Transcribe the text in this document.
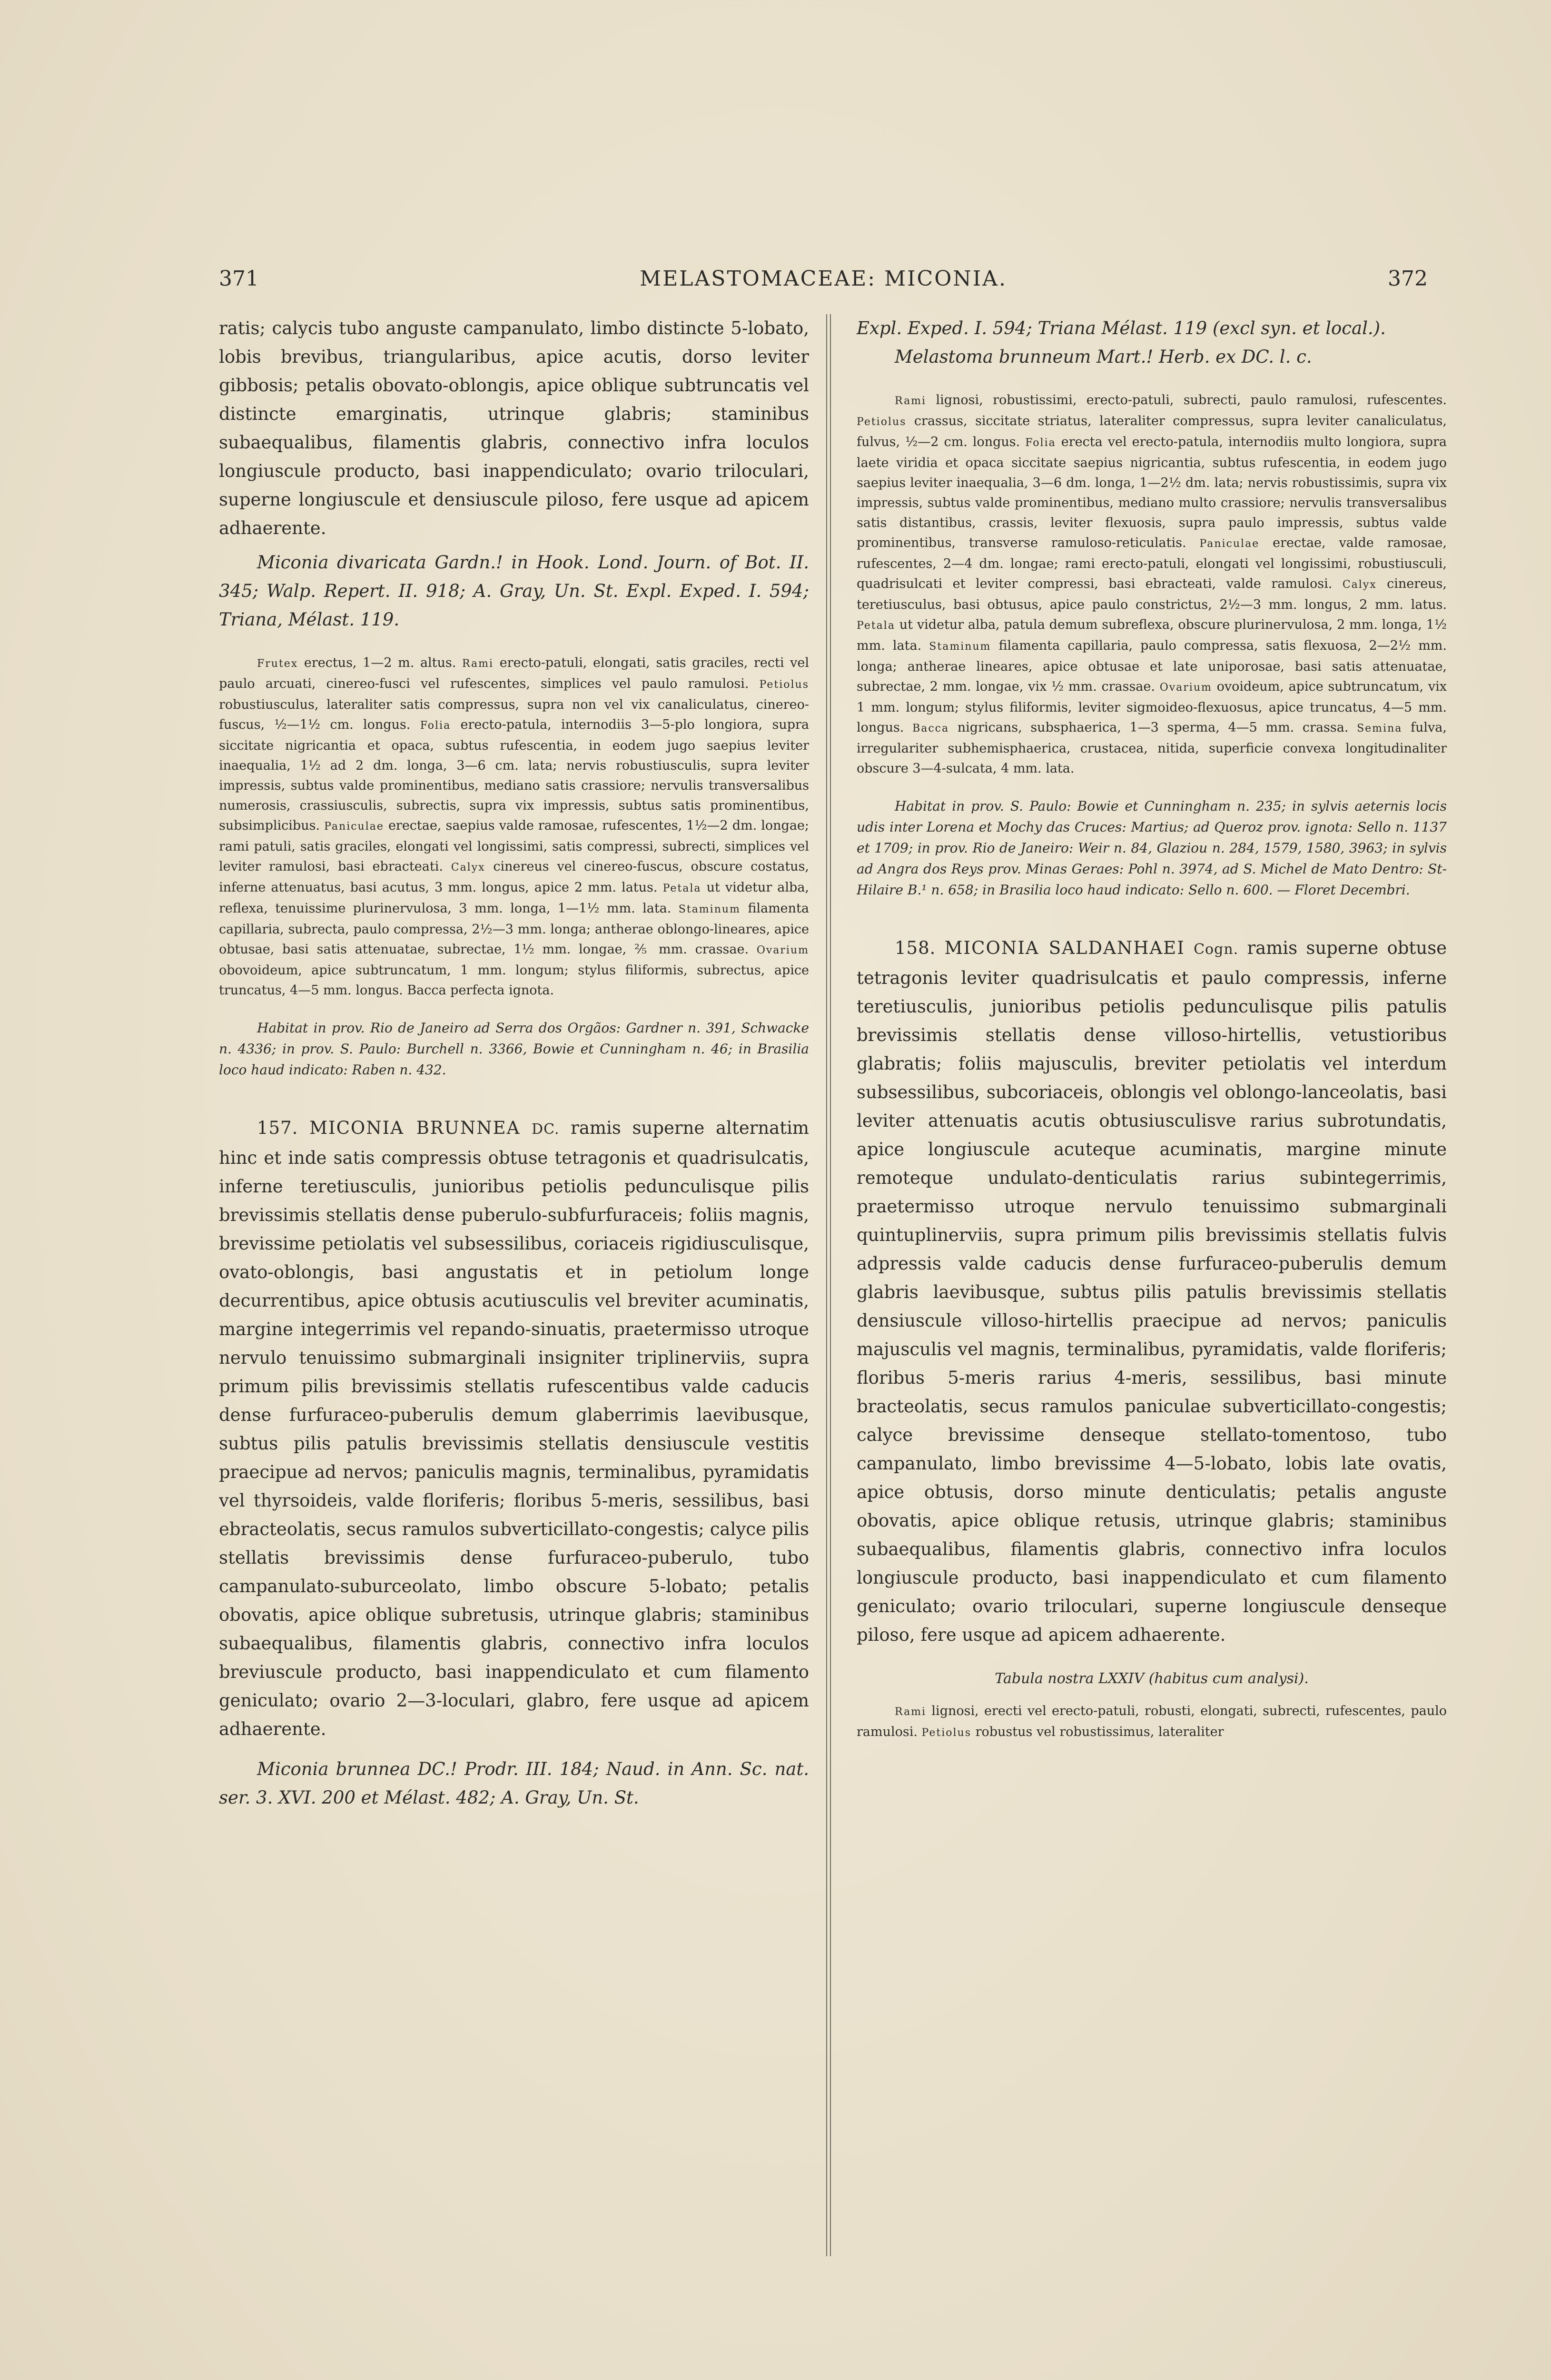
371	MELASTOMACEAE: MICONIA.	372

ratis; calycis tubo anguste campanulato, limbo distincte 5-lobato, lobis brevibus, triangularibus, apice acutis, dorso leviter gibbosis; petalis obovato-oblongis, apice oblique subtruncatis vel distincte emarginatis, utrinque glabris; staminibus subaequalibus, filamentis glabris, connectivo infra loculos longiuscule producto, basi inappendiculato; ovario triloculari, superne longiuscule et densiuscule piloso, fere usque ad apicem adhaerente.

Miconia divaricata Gardn.! in Hook. Lond. Journ. of Bot. II. 345; Walp. Repert. II. 918; A. Gray, Un. St. Expl. Exped. I. 594; Triana, Mélast. 119.

Frutex erectus, 1—2 m. altus. Rami erecto-patuli, elongati, satis graciles, recti vel paulo arcuati, cinereo-fusci vel rufescentes, simplices vel paulo ramulosi. Petiolus robustiusculus, lateraliter satis compressus, supra non vel vix canaliculatus, cinereo-fuscus, ½—1½ cm. longus. Folia erecto-patula, internodiis 3—5-plo longiora, supra siccitate nigricantia et opaca, subtus rufescentia, in eodem jugo saepius leviter inaequalia, 1½ ad 2 dm. longa, 3—6 cm. lata; nervis robustiusculis, supra leviter impressis, subtus valde prominentibus, mediano satis crassiore; nervulis transversalibus numerosis, crassiusculis, subrectis, supra vix impressis, subtus satis prominentibus, subsimplicibus. Paniculae erectae, saepius valde ramosae, rufescentes, 1½—2 dm. longae; rami patuli, satis graciles, elongati vel longissimi, satis compressi, subrecti, simplices vel leviter ramulosi, basi ebracteati. Calyx cinereus vel cinereo-fuscus, obscure costatus, inferne attenuatus, basi acutus, 3 mm. longus, apice 2 mm. latus. Petala ut videtur alba, reflexa, tenuissime plurinervulosa, 3 mm. longa, 1—1½ mm. lata. Staminum filamenta capillaria, subrecta, paulo compressa, 2½—3 mm. longa; antherae oblongo-lineares, apice obtusae, basi satis attenuatae, subrectae, 1½ mm. longae, ⅖ mm. crassae. Ovarium obovoideum, apice subtruncatum, 1 mm. longum; stylus filiformis, subrectus, apice truncatus, 4—5 mm. longus. Bacca perfecta ignota.

Habitat in prov. Rio de Janeiro ad Serra dos Orgãos: Gardner n. 391, Schwacke n. 4336; in prov. S. Paulo: Burchell n. 3366, Bowie et Cunningham n. 46; in Brasilia loco haud indicato: Raben n. 432.

157. MICONIA BRUNNEA DC. ramis superne alternatim hinc et inde satis compressis obtuse tetragonis et quadrisulcatis, inferne teretiusculis, junioribus petiolis pedunculisque pilis brevissimis stellatis dense puberulo-subfurfuraceis; foliis magnis, brevissime petiolatis vel subsessilibus, coriaceis rigidiusculisque, ovato-oblongis, basi angustatis et in petiolum longe decurrentibus, apice obtusis acutiusculis vel breviter acuminatis, margine integerrimis vel repando-sinuatis, praetermisso utroque nervulo tenuissimo submarginali insigniter triplinerviis, supra primum pilis brevissimis stellatis rufescentibus valde caducis dense furfuraceo-puberulis demum glaberrimis laevibusque, subtus pilis patulis brevissimis stellatis densiuscule vestitis praecipue ad nervos; paniculis magnis, terminalibus, pyramidatis vel thyrsoideis, valde floriferis; floribus 5-meris, sessilibus, basi ebracteolatis, secus ramulos subverticillato-congestis; calyce pilis stellatis brevissimis dense furfuraceo-puberulo, tubo campanulato-suburceolato, limbo obscure 5-lobato; petalis obovatis, apice oblique subretusis, utrinque glabris; staminibus subaequalibus, filamentis glabris, connectivo infra loculos breviuscule producto, basi inappendiculato et cum filamento geniculato; ovario 2—3-loculari, glabro, fere usque ad apicem adhaerente.

Miconia brunnea DC.! Prodr. III. 184; Naud. in Ann. Sc. nat. ser. 3. XVI. 200 et Mélast. 482; A. Gray, Un. St.

Expl. Exped. I. 594; Triana Mélast. 119 (excl syn. et local.).

Melastoma brunneum Mart.! Herb. ex DC. l. c.

Rami lignosi, robustissimi, erecto-patuli, subrecti, paulo ramulosi, rufescentes. Petiolus crassus, siccitate striatus, lateraliter compressus, supra leviter canaliculatus, fulvus, ½—2 cm. longus. Folia erecta vel erecto-patula, internodiis multo longiora, supra laete viridia et opaca siccitate saepius nigricantia, subtus rufescentia, in eodem jugo saepius leviter inaequalia, 3—6 dm. longa, 1—2½ dm. lata; nervis robustissimis, supra vix impressis, subtus valde prominentibus, mediano multo crassiore; nervulis transversalibus satis distantibus, crassis, leviter flexuosis, supra paulo impressis, subtus valde prominentibus, transverse ramuloso-reticulatis. Paniculae erectae, valde ramosae, rufescentes, 2—4 dm. longae; rami erecto-patuli, elongati vel longissimi, robustiusculi, quadrisulcati et leviter compressi, basi ebracteati, valde ramulosi. Calyx cinereus, teretiusculus, basi obtusus, apice paulo constrictus, 2½—3 mm. longus, 2 mm. latus. Petala ut videtur alba, patula demum subreflexa, obscure plurinervulosa, 2 mm. longa, 1½ mm. lata. Staminum filamenta capillaria, paulo compressa, satis flexuosa, 2—2½ mm. longa; antherae lineares, apice obtusae et late uniporosae, basi satis attenuatae, subrectae, 2 mm. longae, vix ½ mm. crassae. Ovarium ovoideum, apice subtruncatum, vix 1 mm. longum; stylus filiformis, leviter sigmoideo-flexuosus, apice truncatus, 4—5 mm. longus. Bacca nigricans, subsphaerica, 1—3 sperma, 4—5 mm. crassa. Semina fulva, irregulariter subhemisphaerica, crustacea, nitida, superficie convexa longitudinaliter obscure 3—4-sulcata, 4 mm. lata.

Habitat in prov. S. Paulo: Bowie et Cunningham n. 235; in sylvis aeternis locis udis inter Lorena et Mochy das Cruces: Martius; ad Queroz prov. ignota: Sello n. 1137 et 1709; in prov. Rio de Janeiro: Weir n. 84, Glaziou n. 284, 1579, 1580, 3963; in sylvis ad Angra dos Reys prov. Minas Geraes: Pohl n. 3974, ad S. Michel de Mato Dentro: St-Hilaire B.¹ n. 658; in Brasilia loco haud indicato: Sello n. 600. — Floret Decembri.

158. MICONIA SALDANHAEI Cogn. ramis superne obtuse tetragonis leviter quadrisulcatis et paulo compressis, inferne teretiusculis, junioribus petiolis pedunculisque pilis patulis brevissimis stellatis dense villoso-hirtellis, vetustioribus glabratis; foliis majusculis, breviter petiolatis vel interdum subsessilibus, subcoriaceis, oblongis vel oblongo-lanceolatis, basi leviter attenuatis acutis obtusiusculisve rarius subrotundatis, apice longiuscule acuteque acuminatis, margine minute remoteque undulato-denticulatis rarius subintegerrimis, praetermisso utroque nervulo tenuissimo submarginali quintuplinerviis, supra primum pilis brevissimis stellatis fulvis adpressis valde caducis dense furfuraceo-puberulis demum glabris laevibusque, subtus pilis patulis brevissimis stellatis densiuscule villoso-hirtellis praecipue ad nervos; paniculis majusculis vel magnis, terminalibus, pyramidatis, valde floriferis; floribus 5-meris rarius 4-meris, sessilibus, basi minute bracteolatis, secus ramulos paniculae subverticillato-congestis; calyce brevissime denseque stellato-tomentoso, tubo campanulato, limbo brevissime 4—5-lobato, lobis late ovatis, apice obtusis, dorso minute denticulatis; petalis anguste obovatis, apice oblique retusis, utrinque glabris; staminibus subaequalibus, filamentis glabris, connectivo infra loculos longiuscule producto, basi inappendiculato et cum filamento geniculato; ovario triloculari, superne longiuscule denseque piloso, fere usque ad apicem adhaerente.

Tabula nostra LXXIV (habitus cum analysi).

Rami lignosi, erecti vel erecto-patuli, robusti, elongati, subrecti, rufescentes, paulo ramulosi. Petiolus robustus vel robustissimus, lateraliter
